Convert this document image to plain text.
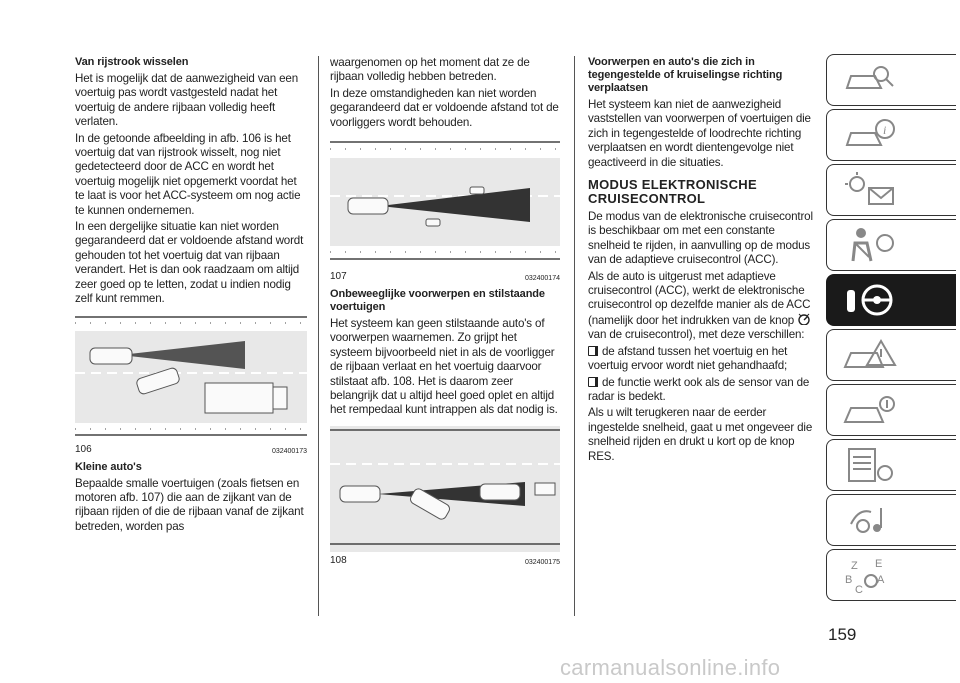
Van rijstrook wisselen

Het is mogelijk dat de aanwezigheid van een voertuig pas wordt vastgesteld nadat het voertuig de andere rijbaan volledig heeft verlaten.

In de getoonde afbeelding in afb. 106 is het voertuig dat van rijstrook wisselt, nog niet gedetecteerd door de ACC en wordt het voertuig mogelijk niet opgemerkt voordat het te laat is voor het ACC-systeem om nog actie te kunnen ondernemen.

In een dergelijke situatie kan niet worden gegarandeerd dat er voldoende afstand wordt gehouden tot het voertuig dat van rijbaan verandert. Het is dan ook raadzaam om altijd zeer goed op te letten, zodat u indien nodig zelf kunt remmen.

106	032400173
Kleine auto's

Bepaalde smalle voertuigen (zoals fietsen en motoren afb. 107) die aan de zijkant van de rijbaan rijden of die de rijbaan vanaf de zijkant betreden, worden pas

waargenomen op het moment dat ze de rijbaan volledig hebben betreden.

In deze omstandigheden kan niet worden gegarandeerd dat er voldoende afstand tot de voorliggers wordt behouden.

107	032400174
Onbeweeglijke voorwerpen en stilstaande voertuigen

Het systeem kan geen stilstaande auto's of voorwerpen waarnemen. Zo grijpt het systeem bijvoorbeeld niet in als de voorligger de rijbaan verlaat en het voertuig daarvoor stilstaat afb. 108. Het is daarom zeer belangrijk dat u altijd heel goed oplet en altijd het rempedaal kunt intrappen als dat nodig is.

108	032400175
Voorwerpen en auto's die zich in tegengestelde of kruiselingse richting verplaatsen

Het systeem kan niet de aanwezigheid vaststellen van voorwerpen of voertuigen die zich in tegengestelde of loodrechte richting verplaatsen en wordt dientengevolge niet geactiveerd in die situaties.

MODUS ELEKTRONISCHE CRUISECONTROL

De modus van de elektronische cruisecontrol is beschikbaar om met een constante snelheid te rijden, in aanvulling op de modus van de adaptieve cruisecontrol (ACC).

Als de auto is uitgerust met adaptieve cruisecontrol (ACC), werkt de elektronische cruisecontrol op dezelfde manier als de ACC (namelijk door het indrukken van de knop  van de cruisecontrol), met deze verschillen:

de afstand tussen het voertuig en het voertuig ervoor wordt niet gehandhaafd;

de functie werkt ook als de sensor van de radar is bedekt.

Als u wilt terugkeren naar de eerder ingestelde snelheid, gaat u met ongeveer die snelheid rijden en drukt u kort op de knop RES.

i
Z E
B A
C
159
carmanualsonline.info
